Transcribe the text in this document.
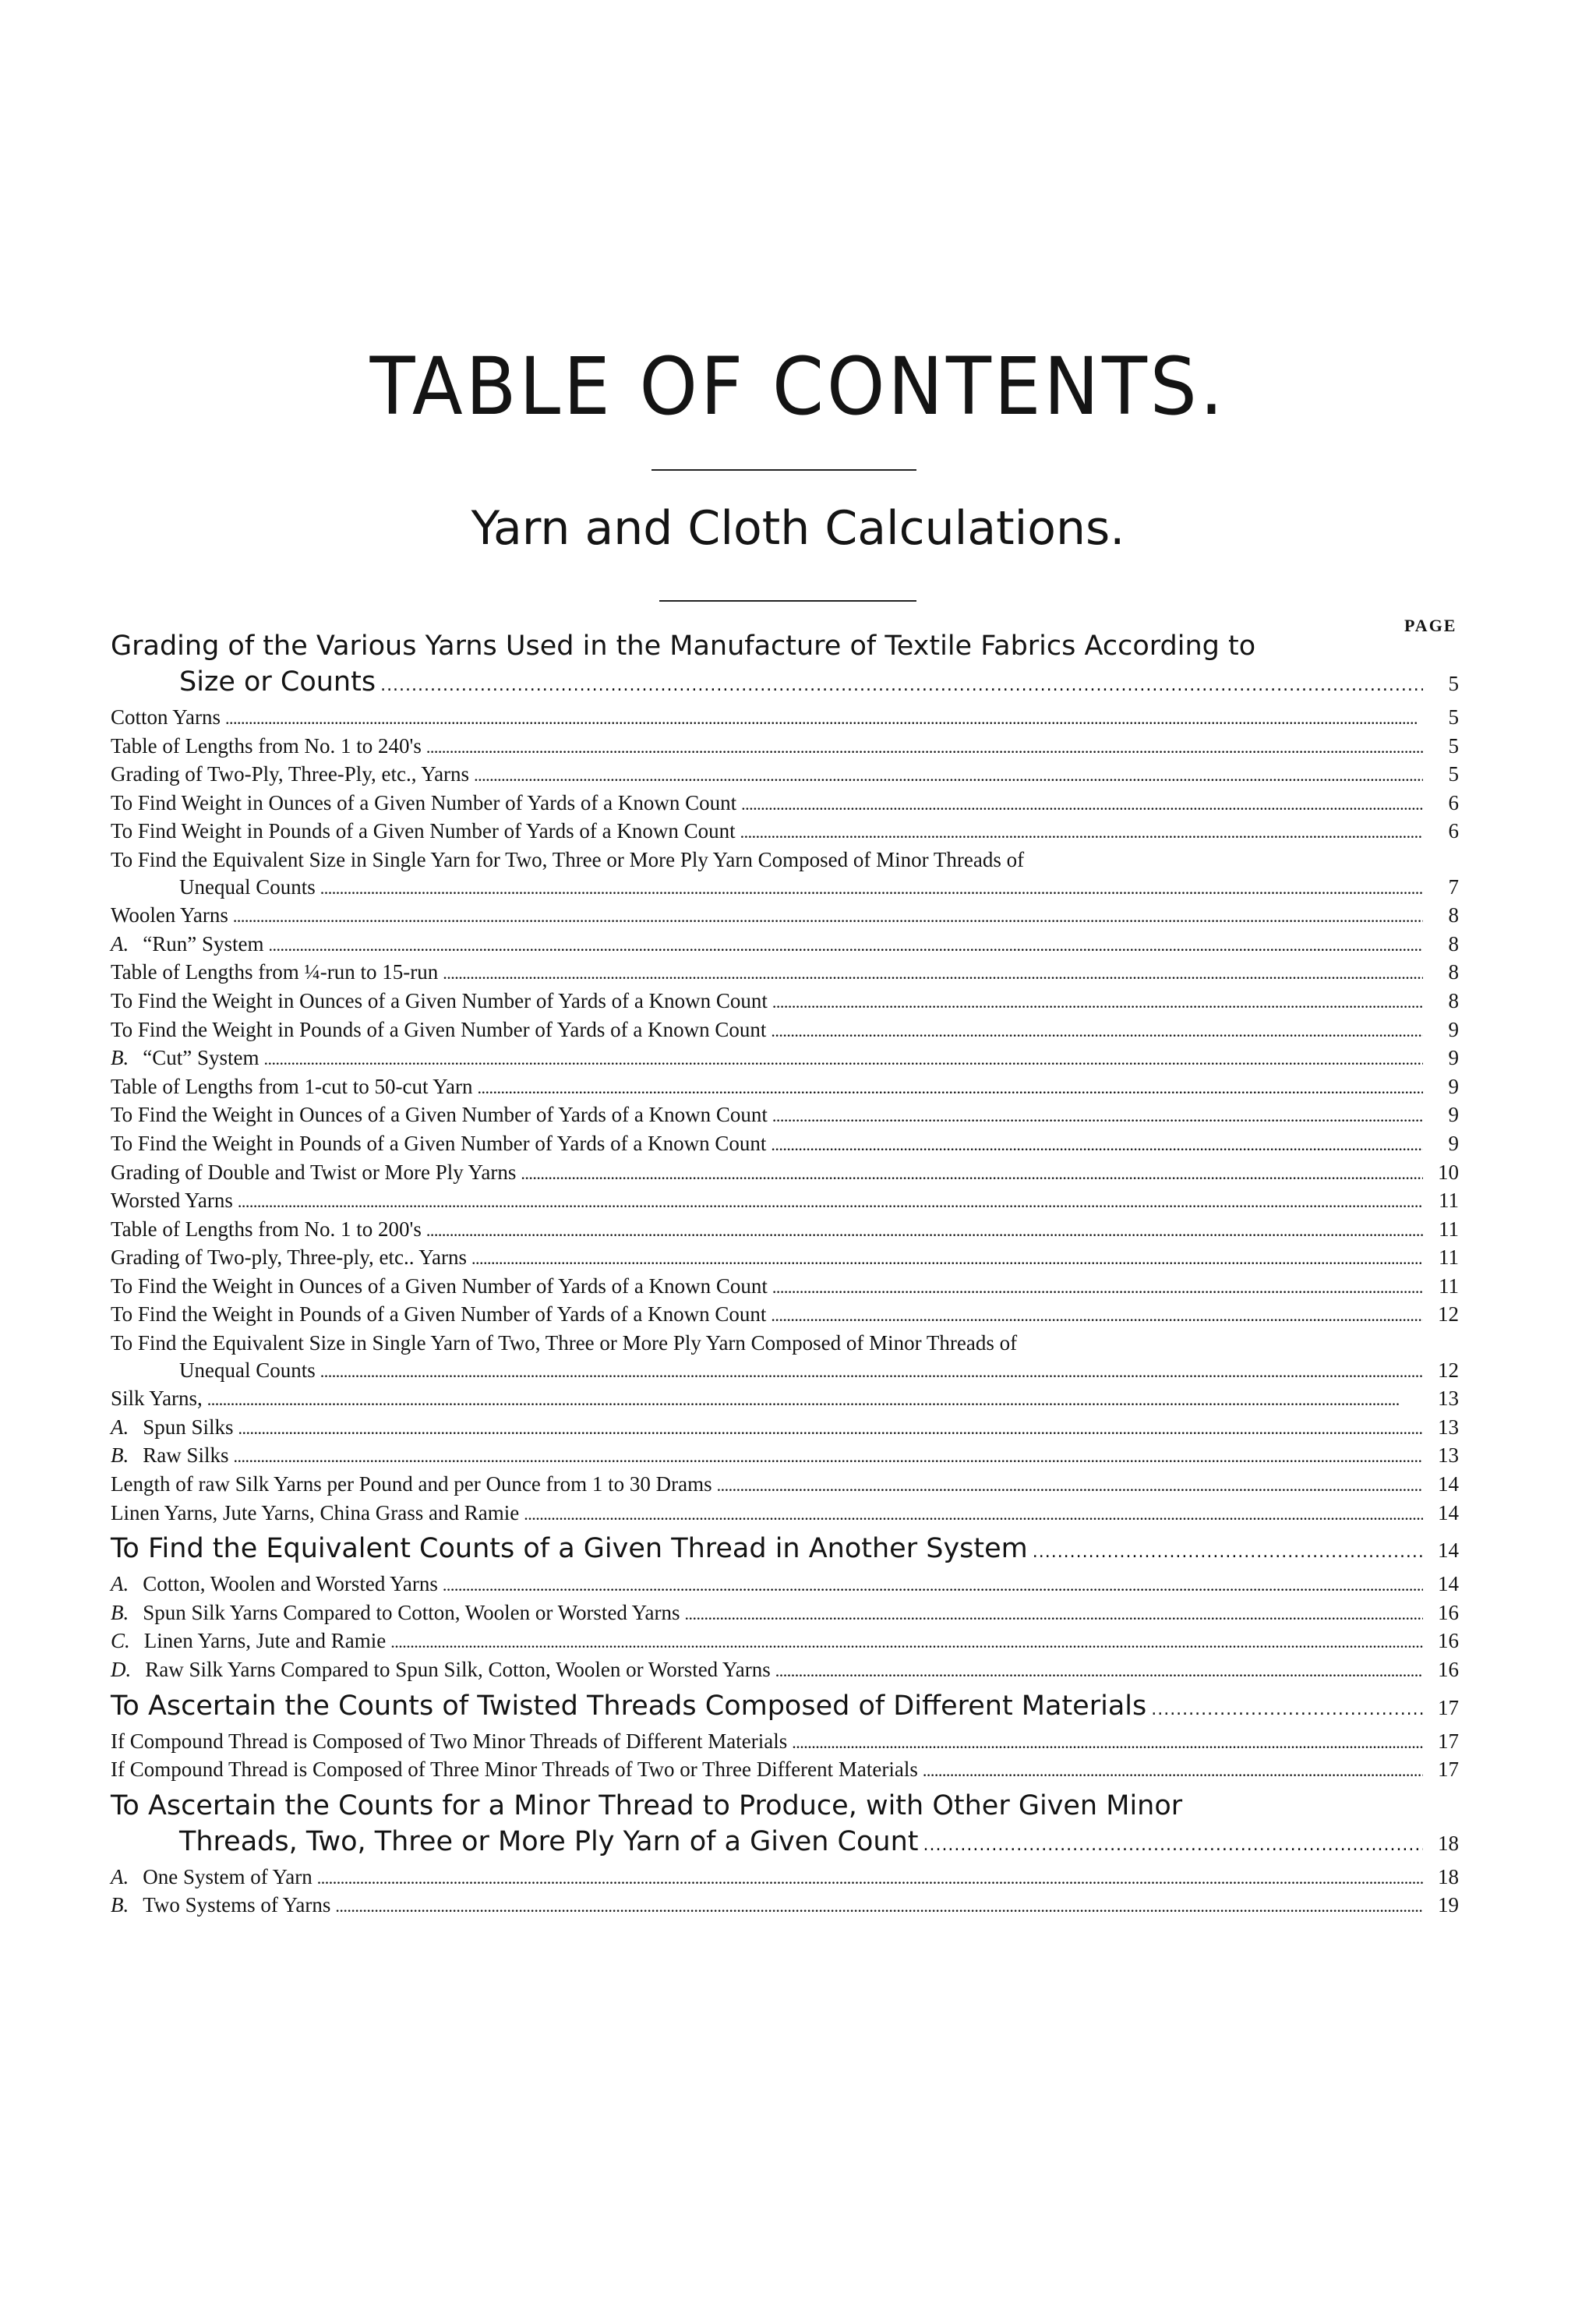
TABLE OF CONTENTS.
Yarn and Cloth Calculations.
PAGE
Grading of the Various Yarns Used in the Manufacture of Textile Fabrics According to
Size or Counts . . .	5
Cotton Yarns . . .	5
Table of Lengths from No. 1 to 240's . . .	5
Grading of Two-Ply, Three-Ply, etc., Yarns . . .	5
To Find Weight in Ounces of a Given Number of Yards of a Known Count . . .	6
To Find Weight in Pounds of a Given Number of Yards of a Known Count . . .	6
To Find the Equivalent Size in Single Yarn for Two, Three or More Ply Yarn Composed of Minor Threads of
Unequal Counts . . .	7
Woolen Yarns . . .	8
A. “Run” System . . .	8
Table of Lengths from ¼-run to 15-run . . .	8
To Find the Weight in Ounces of a Given Number of Yards of a Known Count . . .	8
To Find the Weight in Pounds of a Given Number of Yards of a Known Count . . .	9
B. “Cut” System . . .	9
Table of Lengths from 1-cut to 50-cut Yarn . . .	9
To Find the Weight in Ounces of a Given Number of Yards of a Known Count . . .	9
To Find the Weight in Pounds of a Given Number of Yards of a Known Count . . .	9
Grading of Double and Twist or More Ply Yarns . . .	10
Worsted Yarns . . .	11
Table of Lengths from No. 1 to 200's . . .	11
Grading of Two-ply, Three-ply, etc.. Yarns . . .	11
To Find the Weight in Ounces of a Given Number of Yards of a Known Count . . .	11
To Find the Weight in Pounds of a Given Number of Yards of a Known Count . . .	12
To Find the Equivalent Size in Single Yarn of Two, Three or More Ply Yarn Composed of Minor Threads of
Unequal Counts . . .	12
Silk Yarns, . . .	13
A. Spun Silks . . .	13
B. Raw Silks . . .	13
Length of raw Silk Yarns per Pound and per Ounce from 1 to 30 Drams . . .	14
Linen Yarns, Jute Yarns, China Grass and Ramie . . .	14
To Find the Equivalent Counts of a Given Thread in Another System . . .	14
A. Cotton, Woolen and Worsted Yarns . . .	14
B. Spun Silk Yarns Compared to Cotton, Woolen or Worsted Yarns . . .	16
C. Linen Yarns, Jute and Ramie . . .	16
D. Raw Silk Yarns Compared to Spun Silk, Cotton, Woolen or Worsted Yarns . . .	16
To Ascertain the Counts of Twisted Threads Composed of Different Materials . . .	17
If Compound Thread is Composed of Two Minor Threads of Different Materials . . .	17
If Compound Thread is Composed of Three Minor Threads of Two or Three Different Materials . . .	17
To Ascertain the Counts for a Minor Thread to Produce, with Other Given Minor
Threads, Two, Three or More Ply Yarn of a Given Count . . .	18
A. One System of Yarn . . .	18
B. Two Systems of Yarns . . .	19
